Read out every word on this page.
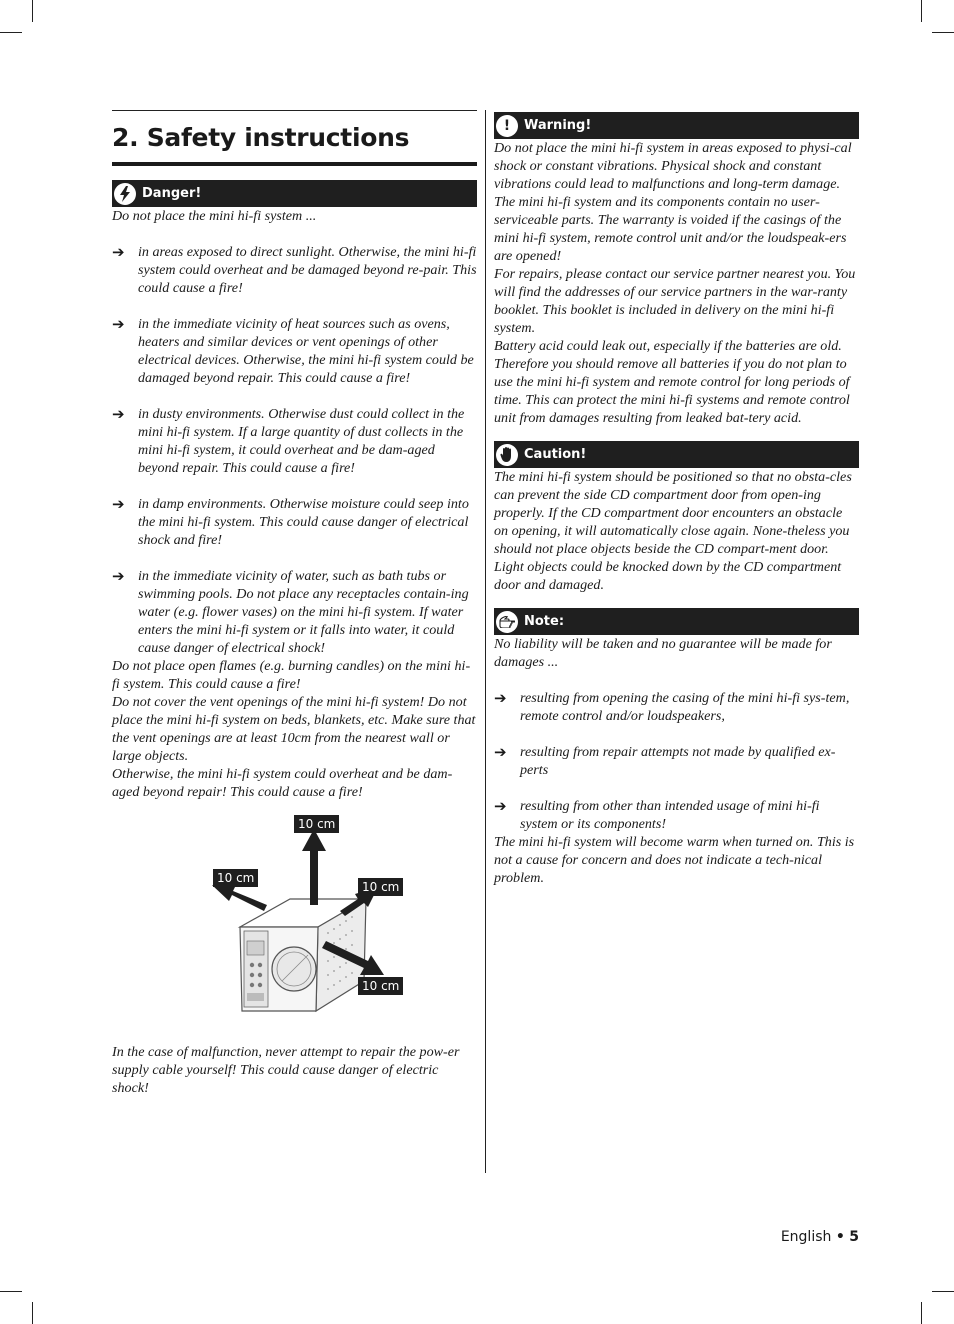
2. Safety instructions
Danger!

Do not place the mini hi-fi system ...

➔ in areas exposed to direct sunlight. Otherwise, the mini hi-fi system could overheat and be damaged beyond re-pair. This could cause a fire!

➔ in the immediate vicinity of heat sources such as ovens, heaters and similar devices or vent openings of other electrical devices. Otherwise, the mini hi-fi system could be damaged beyond repair. This could cause a fire!

➔ in dusty environments. Otherwise dust could collect in the mini hi-fi system. If a large quantity of dust collects in the mini hi-fi system, it could overheat and be dam-aged beyond repair. This could cause a fire!

➔ in damp environments. Otherwise moisture could seep into the mini hi-fi system. This could cause danger of electrical shock and fire!

➔ in the immediate vicinity of water, such as bath tubs or swimming pools. Do not place any receptacles contain-ing water (e.g. flower vases) on the mini hi-fi system. If water enters the mini hi-fi system or it falls into water, it could cause danger of electrical shock!

Do not place open flames (e.g. burning candles) on the mini hi-fi system. This could cause a fire!

Do not cover the vent openings of the mini hi-fi system! Do not place the mini hi-fi system on beds, blankets, etc. Make sure that the vent openings are at least 10cm from the nearest wall or large objects.

Otherwise, the mini hi-fi system could overheat and be dam-aged beyond repair! This could cause a fire!

10 cm
10 cm
10 cm
10 cm

In the case of malfunction, never attempt to repair the pow-er supply cable yourself! This could cause danger of electric shock!

!	Warning!

Do not place the mini hi-fi system in areas exposed to physi-cal shock or constant vibrations. Physical shock and constant vibrations could lead to malfunctions and long-term damage.

The mini hi-fi system and its components contain no user-serviceable parts. The warranty is voided if the casings of the mini hi-fi system, remote control unit and/or the loudspeak-ers are opened!

For repairs, please contact our service partner nearest you. You will find the addresses of our service partners in the war-ranty booklet. This booklet is included in delivery on the mini hi-fi system.

Battery acid could leak out, especially if the batteries are old. Therefore you should remove all batteries if you do not plan to use the mini hi-fi system and remote control for long periods of time. This can protect the mini hi-fi systems and remote control unit from damages resulting from leaked bat-tery acid.

Caution!

The mini hi-fi system should be positioned so that no obsta-cles can prevent the side CD compartment door from open-ing properly. If the CD compartment door encounters an obstacle on opening, it will automatically close again. None-theless you should not place objects beside the CD compart-ment door. Light objects could be knocked down by the CD compartment door and damaged.

Note:

No liability will be taken and no guarantee will be made for damages ...

➔ resulting from opening the casing of the mini hi-fi sys-tem, remote control and/or loudspeakers,

➔ resulting from repair attempts not made by qualified ex-perts

➔ resulting from other than intended usage of mini hi-fi system or its components!

The mini hi-fi system will become warm when turned on. This is not a cause for concern and does not indicate a tech-nical problem.

English • 5
